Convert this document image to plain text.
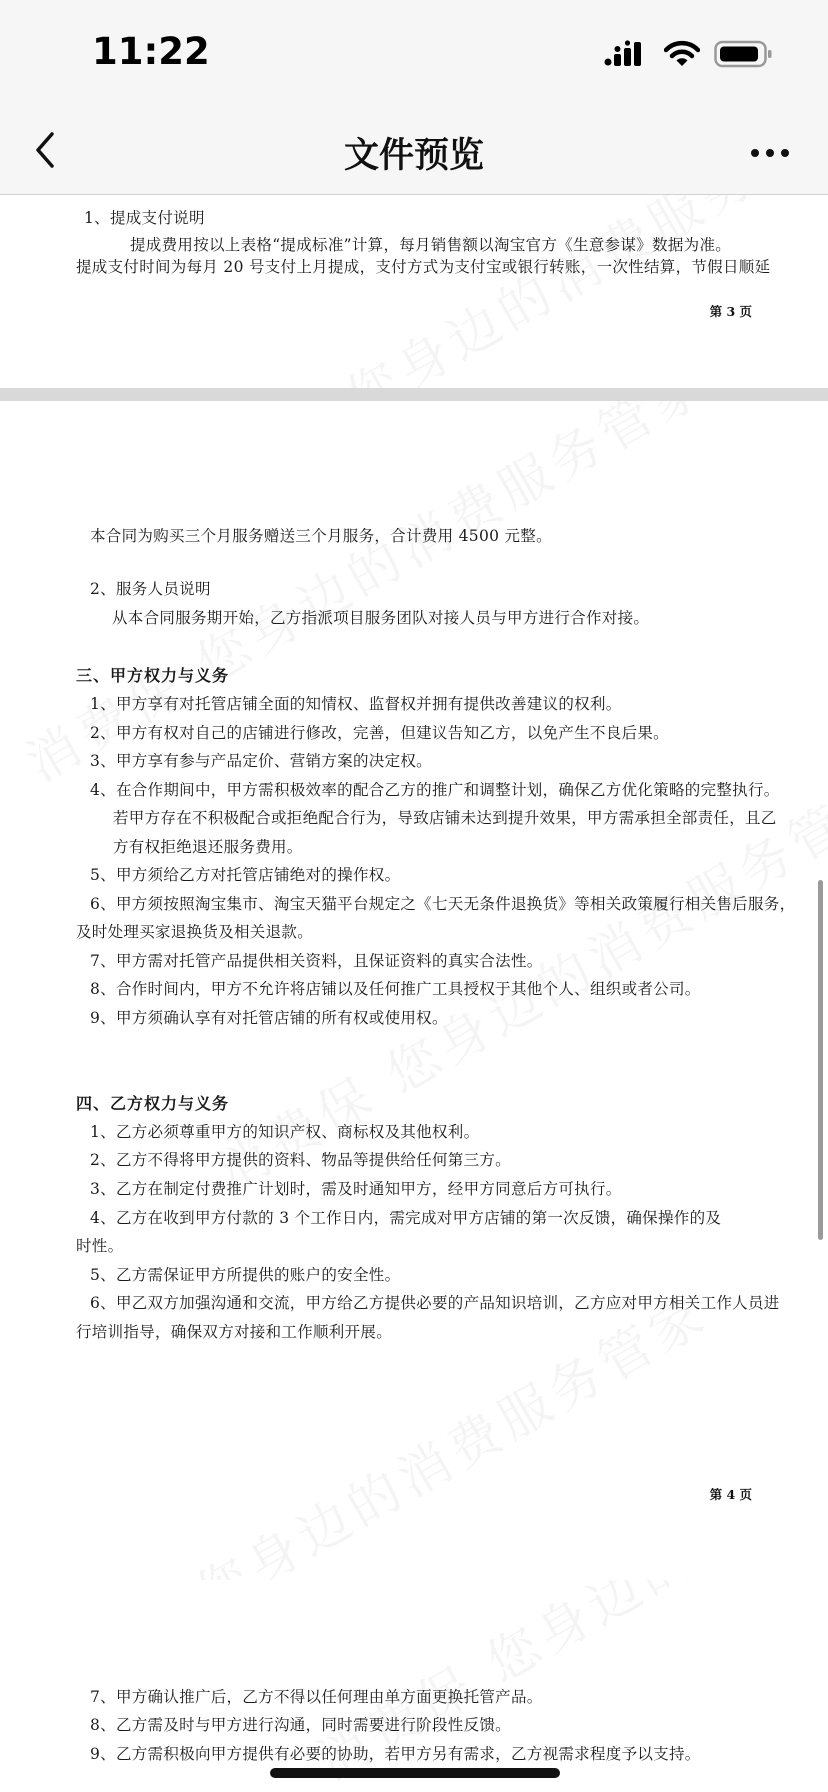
11:22
文件预览
1、提成支付说明
提成费用按以上表格“提成标准”计算，每月销售额以淘宝官方《生意参谋》数据为准。
提成支付时间为每月 20 号支付上月提成，支付方式为支付宝或银行转账，一次性结算，节假日顺延
第 3 页
本合同为购买三个月服务赠送三个月服务，合计费用 4500 元整。
2、服务人员说明
从本合同服务期开始，乙方指派项目服务团队对接人员与甲方进行合作对接。
三、甲方权力与义务
1、甲方享有对托管店铺全面的知情权、监督权并拥有提供改善建议的权利。
2、甲方有权对自己的店铺进行修改，完善，但建议告知乙方，以免产生不良后果。
3、甲方享有参与产品定价、营销方案的决定权。
4、在合作期间中，甲方需积极效率的配合乙方的推广和调整计划，确保乙方优化策略的完整执行。
若甲方存在不积极配合或拒绝配合行为，导致店铺未达到提升效果，甲方需承担全部责任，且乙
方有权拒绝退还服务费用。
5、甲方须给乙方对托管店铺绝对的操作权。
6、甲方须按照淘宝集市、淘宝天猫平台规定之《七天无条件退换货》等相关政策履行相关售后服务，
及时处理买家退换货及相关退款。
7、甲方需对托管产品提供相关资料，且保证资料的真实合法性。
8、合作时间内，甲方不允许将店铺以及任何推广工具授权于其他个人、组织或者公司。
9、甲方须确认享有对托管店铺的所有权或使用权。
四、乙方权力与义务
1、乙方必须尊重甲方的知识产权、商标权及其他权利。
2、乙方不得将甲方提供的资料、物品等提供给任何第三方。
3、乙方在制定付费推广计划时，需及时通知甲方，经甲方同意后方可执行。
4、乙方在收到甲方付款的 3 个工作日内，需完成对甲方店铺的第一次反馈，确保操作的及
时性。
5、乙方需保证甲方所提供的账户的安全性。
6、甲乙双方加强沟通和交流，甲方给乙方提供必要的产品知识培训，乙方应对甲方相关工作人员进
行培训指导，确保双方对接和工作顺利开展。
第 4 页
7、甲方确认推广后，乙方不得以任何理由单方面更换托管产品。
8、乙方需及时与甲方进行沟通，同时需要进行阶段性反馈。
9、乙方需积极向甲方提供有必要的协助，若甲方另有需求，乙方视需求程度予以支持。
